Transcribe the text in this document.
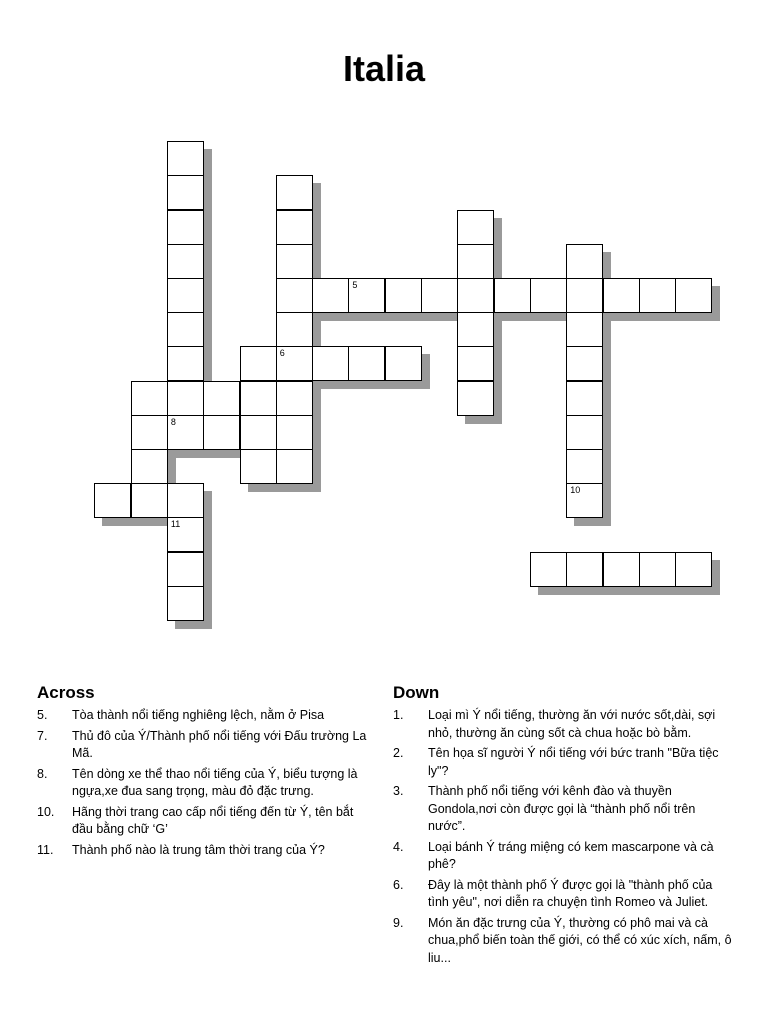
Italia
8
6
10
5
11
Across
5. Tòa thành nổi tiếng nghiêng lệch, nằm ở Pisa
7. Thủ đô của Ý/Thành phố nổi tiếng với Đấu trường La Mã.
8. Tên dòng xe thể thao nổi tiếng của Ý, biểu tượng là ngựa,xe đua sang trọng, màu đỏ đặc trưng.
10. Hãng thời trang cao cấp nổi tiếng đến từ Ý, tên bắt đầu bằng chữ ‘G’
11. Thành phố nào là trung tâm thời trang của Ý?
Down
1. Loại mì Ý nổi tiếng, thường ăn với nước sốt,dài, sợi nhỏ, thường ăn cùng sốt cà chua hoặc bò bằm.
2. Tên họa sĩ người Ý nổi tiếng với bức tranh "Bữa tiệc ly"?
3. Thành phố nổi tiếng với kênh đào và thuyền Gondola,nơi còn được gọi là “thành phố nổi trên nước”.
4. Loại bánh Ý tráng miệng có kem mascarpone và cà phê?
6. Đây là một thành phố Ý được gọi là "thành phố của tình yêu", nơi diễn ra chuyện tình Romeo và Juliet.
9. Món ăn đặc trưng của Ý, thường có phô mai và cà chua,phổ biến toàn thế giới, có thể có xúc xích, nấm, ô liu...
